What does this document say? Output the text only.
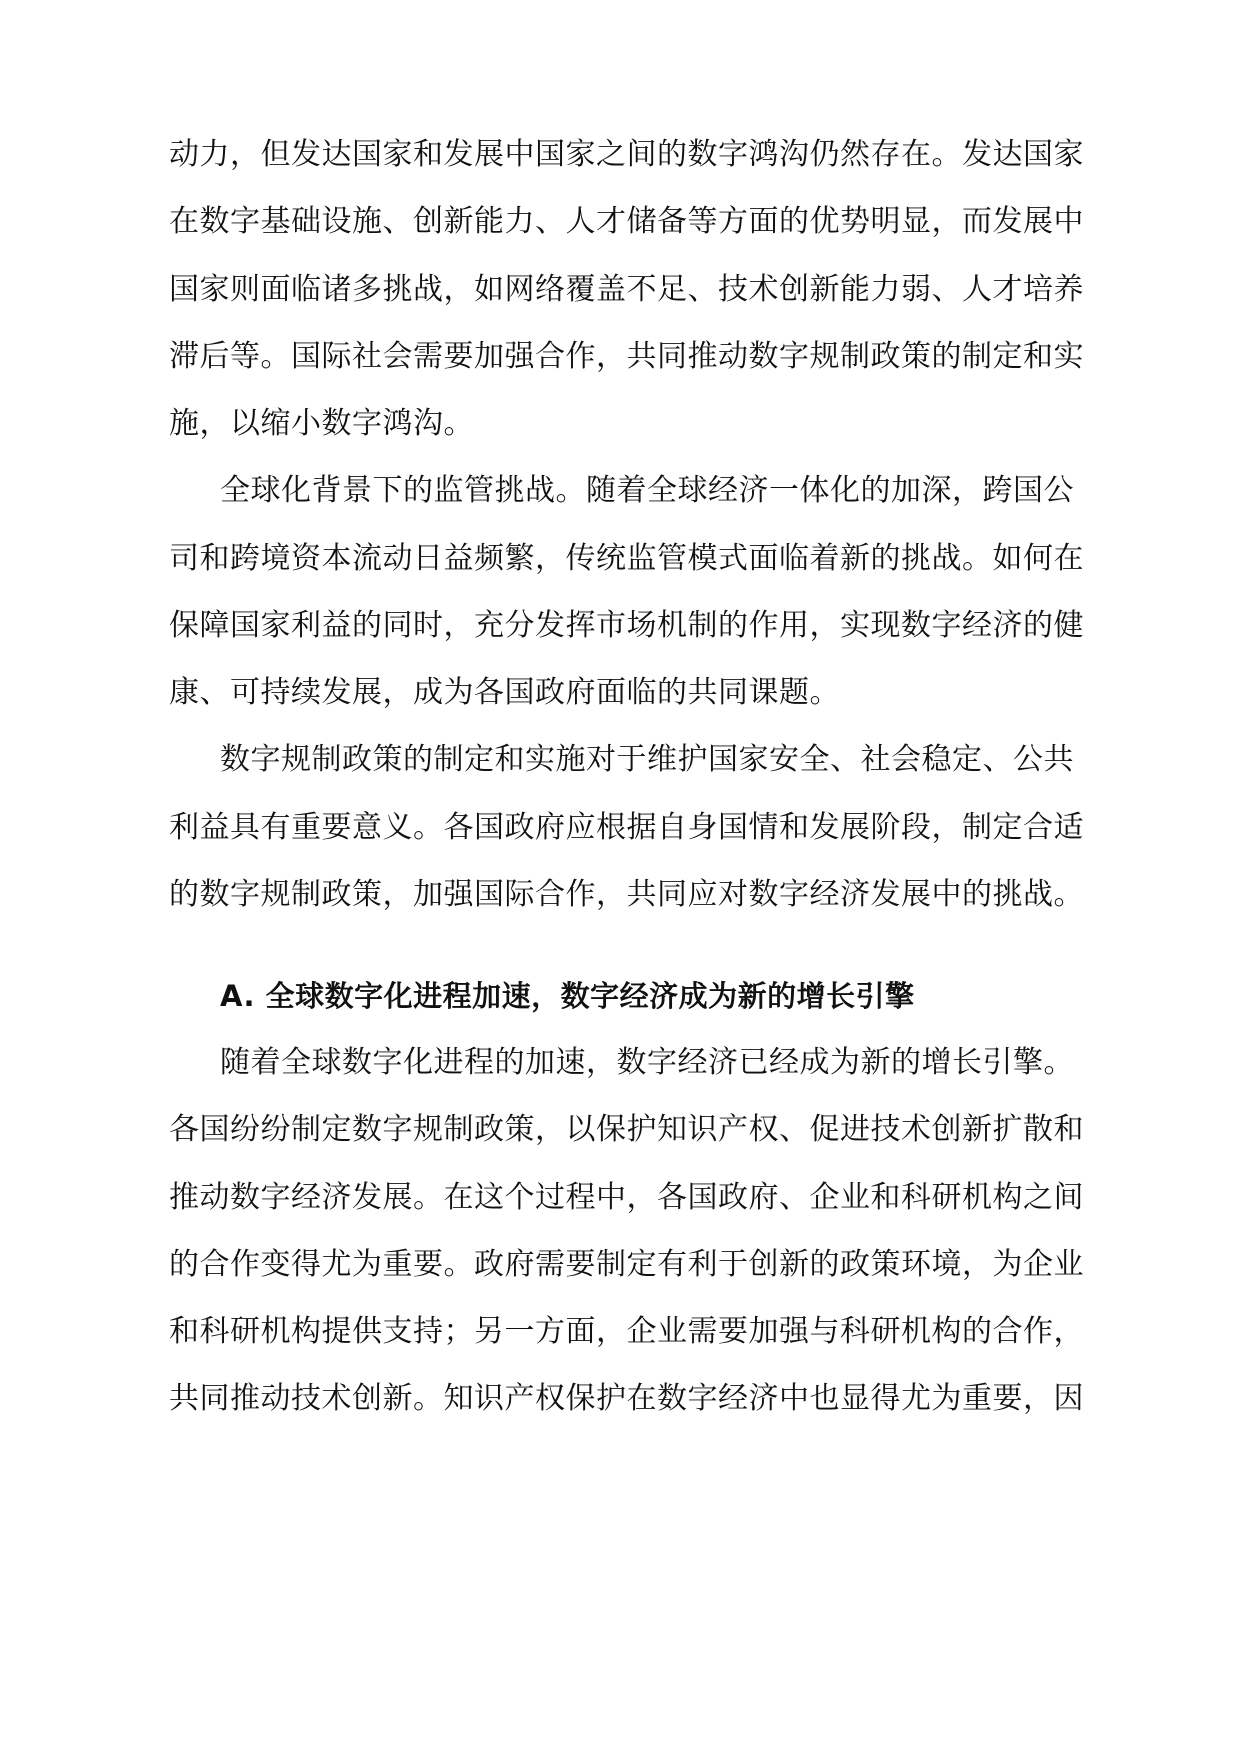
动力，但发达国家和发展中国家之间的数字鸿沟仍然存在。发达国家
在数字基础设施、创新能力、人才储备等方面的优势明显，而发展中
国家则面临诸多挑战，如网络覆盖不足、技术创新能力弱、人才培养
滞后等。国际社会需要加强合作，共同推动数字规制政策的制定和实
施，以缩小数字鸿沟。
全球化背景下的监管挑战。随着全球经济一体化的加深，跨国公
司和跨境资本流动日益频繁，传统监管模式面临着新的挑战。如何在
保障国家利益的同时，充分发挥市场机制的作用，实现数字经济的健
康、可持续发展，成为各国政府面临的共同课题。
数字规制政策的制定和实施对于维护国家安全、社会稳定、公共
利益具有重要意义。各国政府应根据自身国情和发展阶段，制定合适
的数字规制政策，加强国际合作，共同应对数字经济发展中的挑战。
A. 全球数字化进程加速，数字经济成为新的增长引擎
随着全球数字化进程的加速，数字经济已经成为新的增长引擎。
各国纷纷制定数字规制政策，以保护知识产权、促进技术创新扩散和
推动数字经济发展。在这个过程中，各国政府、企业和科研机构之间
的合作变得尤为重要。政府需要制定有利于创新的政策环境，为企业
和科研机构提供支持；另一方面，企业需要加强与科研机构的合作，
共同推动技术创新。知识产权保护在数字经济中也显得尤为重要，因
